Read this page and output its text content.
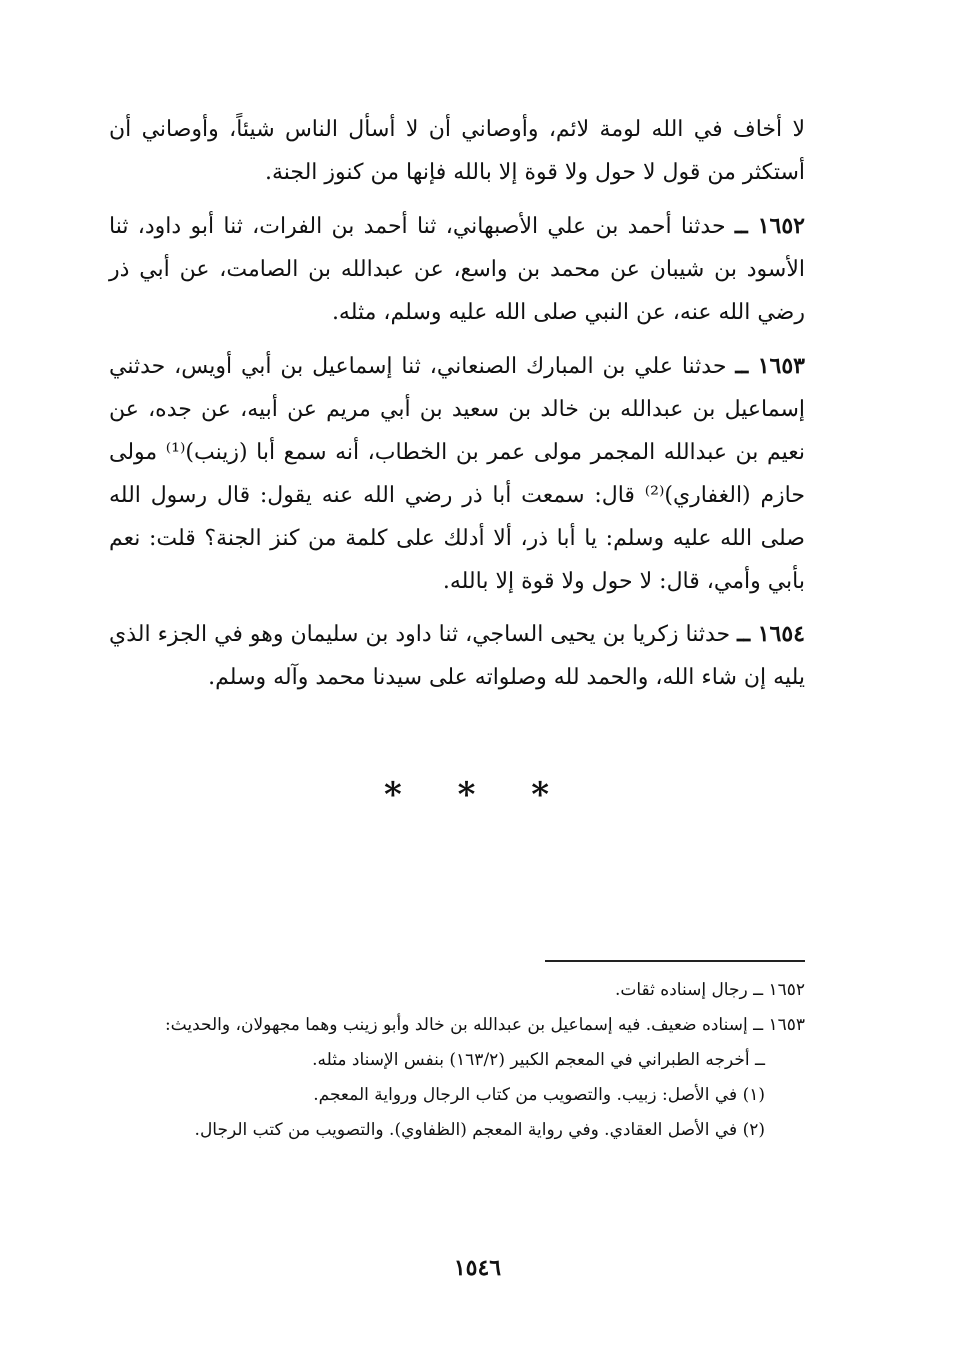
لا أخاف في الله لومة لائم، وأوصاني أن لا أسأل الناس شيئاً، وأوصاني أن أستكثر من قول لا حول ولا قوة إلا بالله فإنها من كنوز الجنة.

١٦٥٢ ــ حدثنا أحمد بن علي الأصبهاني، ثنا أحمد بن الفرات، ثنا أبو داود، ثنا الأسود بن شيبان عن محمد بن واسع، عن عبدالله بن الصامت، عن أبي ذر رضي الله عنه، عن النبي صلى الله عليه وسلم، مثله.

١٦٥٣ ــ حدثنا علي بن المبارك الصنعاني، ثنا إسماعيل بن أبي أويس، حدثني إسماعيل بن عبدالله بن خالد بن سعيد بن أبي مريم عن أبيه، عن جده، عن نعيم بن عبدالله المجمر مولى عمر بن الخطاب، أنه سمع أبا (زينب)⁽¹⁾ مولى حازم (الغفاري)⁽²⁾ قال: سمعت أبا ذر رضي الله عنه يقول: قال رسول الله صلى الله عليه وسلم: يا أبا ذر، ألا أدلك على كلمة من كنز الجنة؟ قلت: نعم بأبي وأمي، قال: لا حول ولا قوة إلا بالله.

١٦٥٤ ــ حدثنا زكريا بن يحيى الساجي، ثنا داود بن سليمان وهو في الجزء الذي يليه إن شاء الله، والحمد لله وصلواته على سيدنا محمد وآله وسلم.

* * *

١٦٥٢ ــ رجال إسناده ثقات.

١٦٥٣ ــ إسناده ضعيف. فيه إسماعيل بن عبدالله بن خالد وأبو زينب وهما مجهولان، والحديث:

ــ أخرجه الطبراني في المعجم الكبير (١٦٣/٢) بنفس الإسناد مثله.

(١) في الأصل: زبيب. والتصويب من كتاب الرجال ورواية المعجم.

(٢) في الأصل العقادي. وفي رواية المعجم (الظفاوي). والتصويب من كتب الرجال.

١٥٤٦
